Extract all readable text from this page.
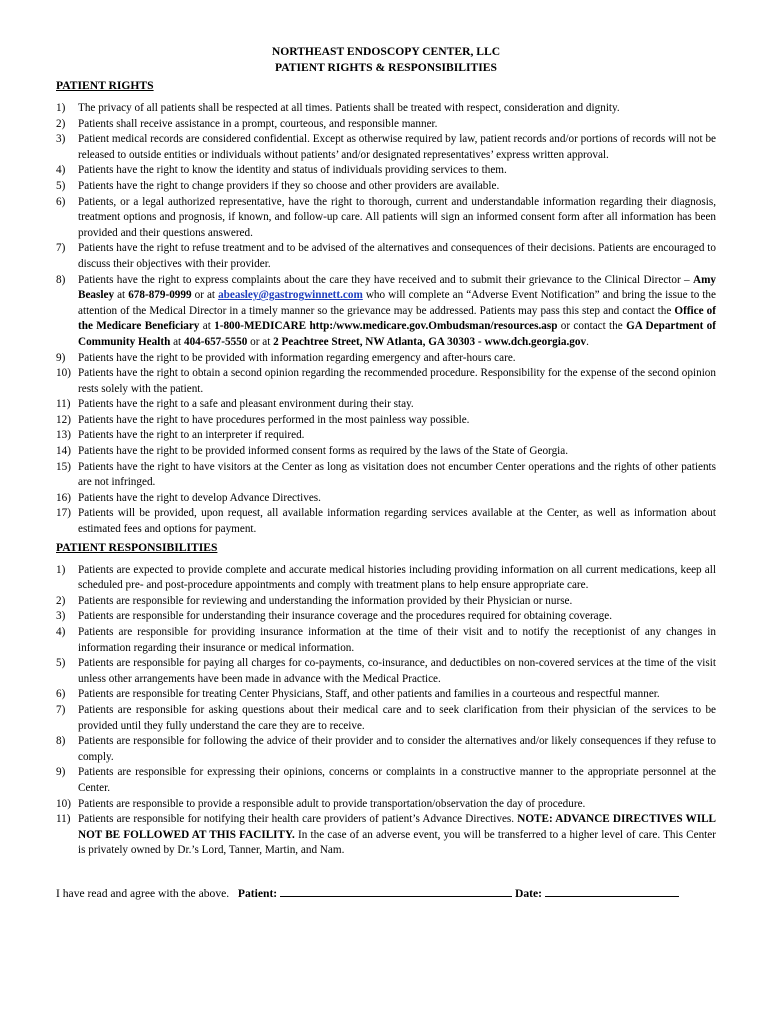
NORTHEAST ENDOSCOPY CENTER, LLC
PATIENT RIGHTS & RESPONSIBILITIES
PATIENT RIGHTS
1) The privacy of all patients shall be respected at all times. Patients shall be treated with respect, consideration and dignity.
2) Patients shall receive assistance in a prompt, courteous, and responsible manner.
3) Patient medical records are considered confidential. Except as otherwise required by law, patient records and/or portions of records will not be released to outside entities or individuals without patients’ and/or designated representatives’ express written approval.
4) Patients have the right to know the identity and status of individuals providing services to them.
5) Patients have the right to change providers if they so choose and other providers are available.
6) Patients, or a legal authorized representative, have the right to thorough, current and understandable information regarding their diagnosis, treatment options and prognosis, if known, and follow-up care. All patients will sign an informed consent form after all information has been provided and their questions answered.
7) Patients have the right to refuse treatment and to be advised of the alternatives and consequences of their decisions. Patients are encouraged to discuss their objectives with their provider.
8) Patients have the right to express complaints about the care they have received and to submit their grievance to the Clinical Director – Amy Beasley at 678-879-0999 or at abeasley@gastrogwinnett.com who will complete an “Adverse Event Notification” and bring the issue to the attention of the Medical Director in a timely manner so the grievance may be addressed. Patients may pass this step and contact the Office of the Medicare Beneficiary at 1-800-MEDICARE http:/www.medicare.gov.Ombudsman/resources.asp or contact the GA Department of Community Health at 404-657-5550 or at 2 Peachtree Street, NW Atlanta, GA 30303 - www.dch.georgia.gov.
9) Patients have the right to be provided with information regarding emergency and after-hours care.
10) Patients have the right to obtain a second opinion regarding the recommended procedure. Responsibility for the expense of the second opinion rests solely with the patient.
11) Patients have the right to a safe and pleasant environment during their stay.
12) Patients have the right to have procedures performed in the most painless way possible.
13) Patients have the right to an interpreter if required.
14) Patients have the right to be provided informed consent forms as required by the laws of the State of Georgia.
15) Patients have the right to have visitors at the Center as long as visitation does not encumber Center operations and the rights of other patients are not infringed.
16) Patients have the right to develop Advance Directives.
17) Patients will be provided, upon request, all available information regarding services available at the Center, as well as information about estimated fees and options for payment.
PATIENT RESPONSIBILITIES
1) Patients are expected to provide complete and accurate medical histories including providing information on all current medications, keep all scheduled pre- and post-procedure appointments and comply with treatment plans to help ensure appropriate care.
2) Patients are responsible for reviewing and understanding the information provided by their Physician or nurse.
3) Patients are responsible for understanding their insurance coverage and the procedures required for obtaining coverage.
4) Patients are responsible for providing insurance information at the time of their visit and to notify the receptionist of any changes in information regarding their insurance or medical information.
5) Patients are responsible for paying all charges for co-payments, co-insurance, and deductibles on non-covered services at the time of the visit unless other arrangements have been made in advance with the Medical Practice.
6) Patients are responsible for treating Center Physicians, Staff, and other patients and families in a courteous and respectful manner.
7) Patients are responsible for asking questions about their medical care and to seek clarification from their physician of the services to be provided until they fully understand the care they are to receive.
8) Patients are responsible for following the advice of their provider and to consider the alternatives and/or likely consequences if they refuse to comply.
9) Patients are responsible for expressing their opinions, concerns or complaints in a constructive manner to the appropriate personnel at the Center.
10) Patients are responsible to provide a responsible adult to provide transportation/observation the day of procedure.
11) Patients are responsible for notifying their health care providers of patient’s Advance Directives. NOTE: ADVANCE DIRECTIVES WILL NOT BE FOLLOWED AT THIS FACILITY. In the case of an adverse event, you will be transferred to a higher level of care. This Center is privately owned by Dr.’s Lord, Tanner, Martin, and Nam.
I have read and agree with the above. Patient:	Date:
